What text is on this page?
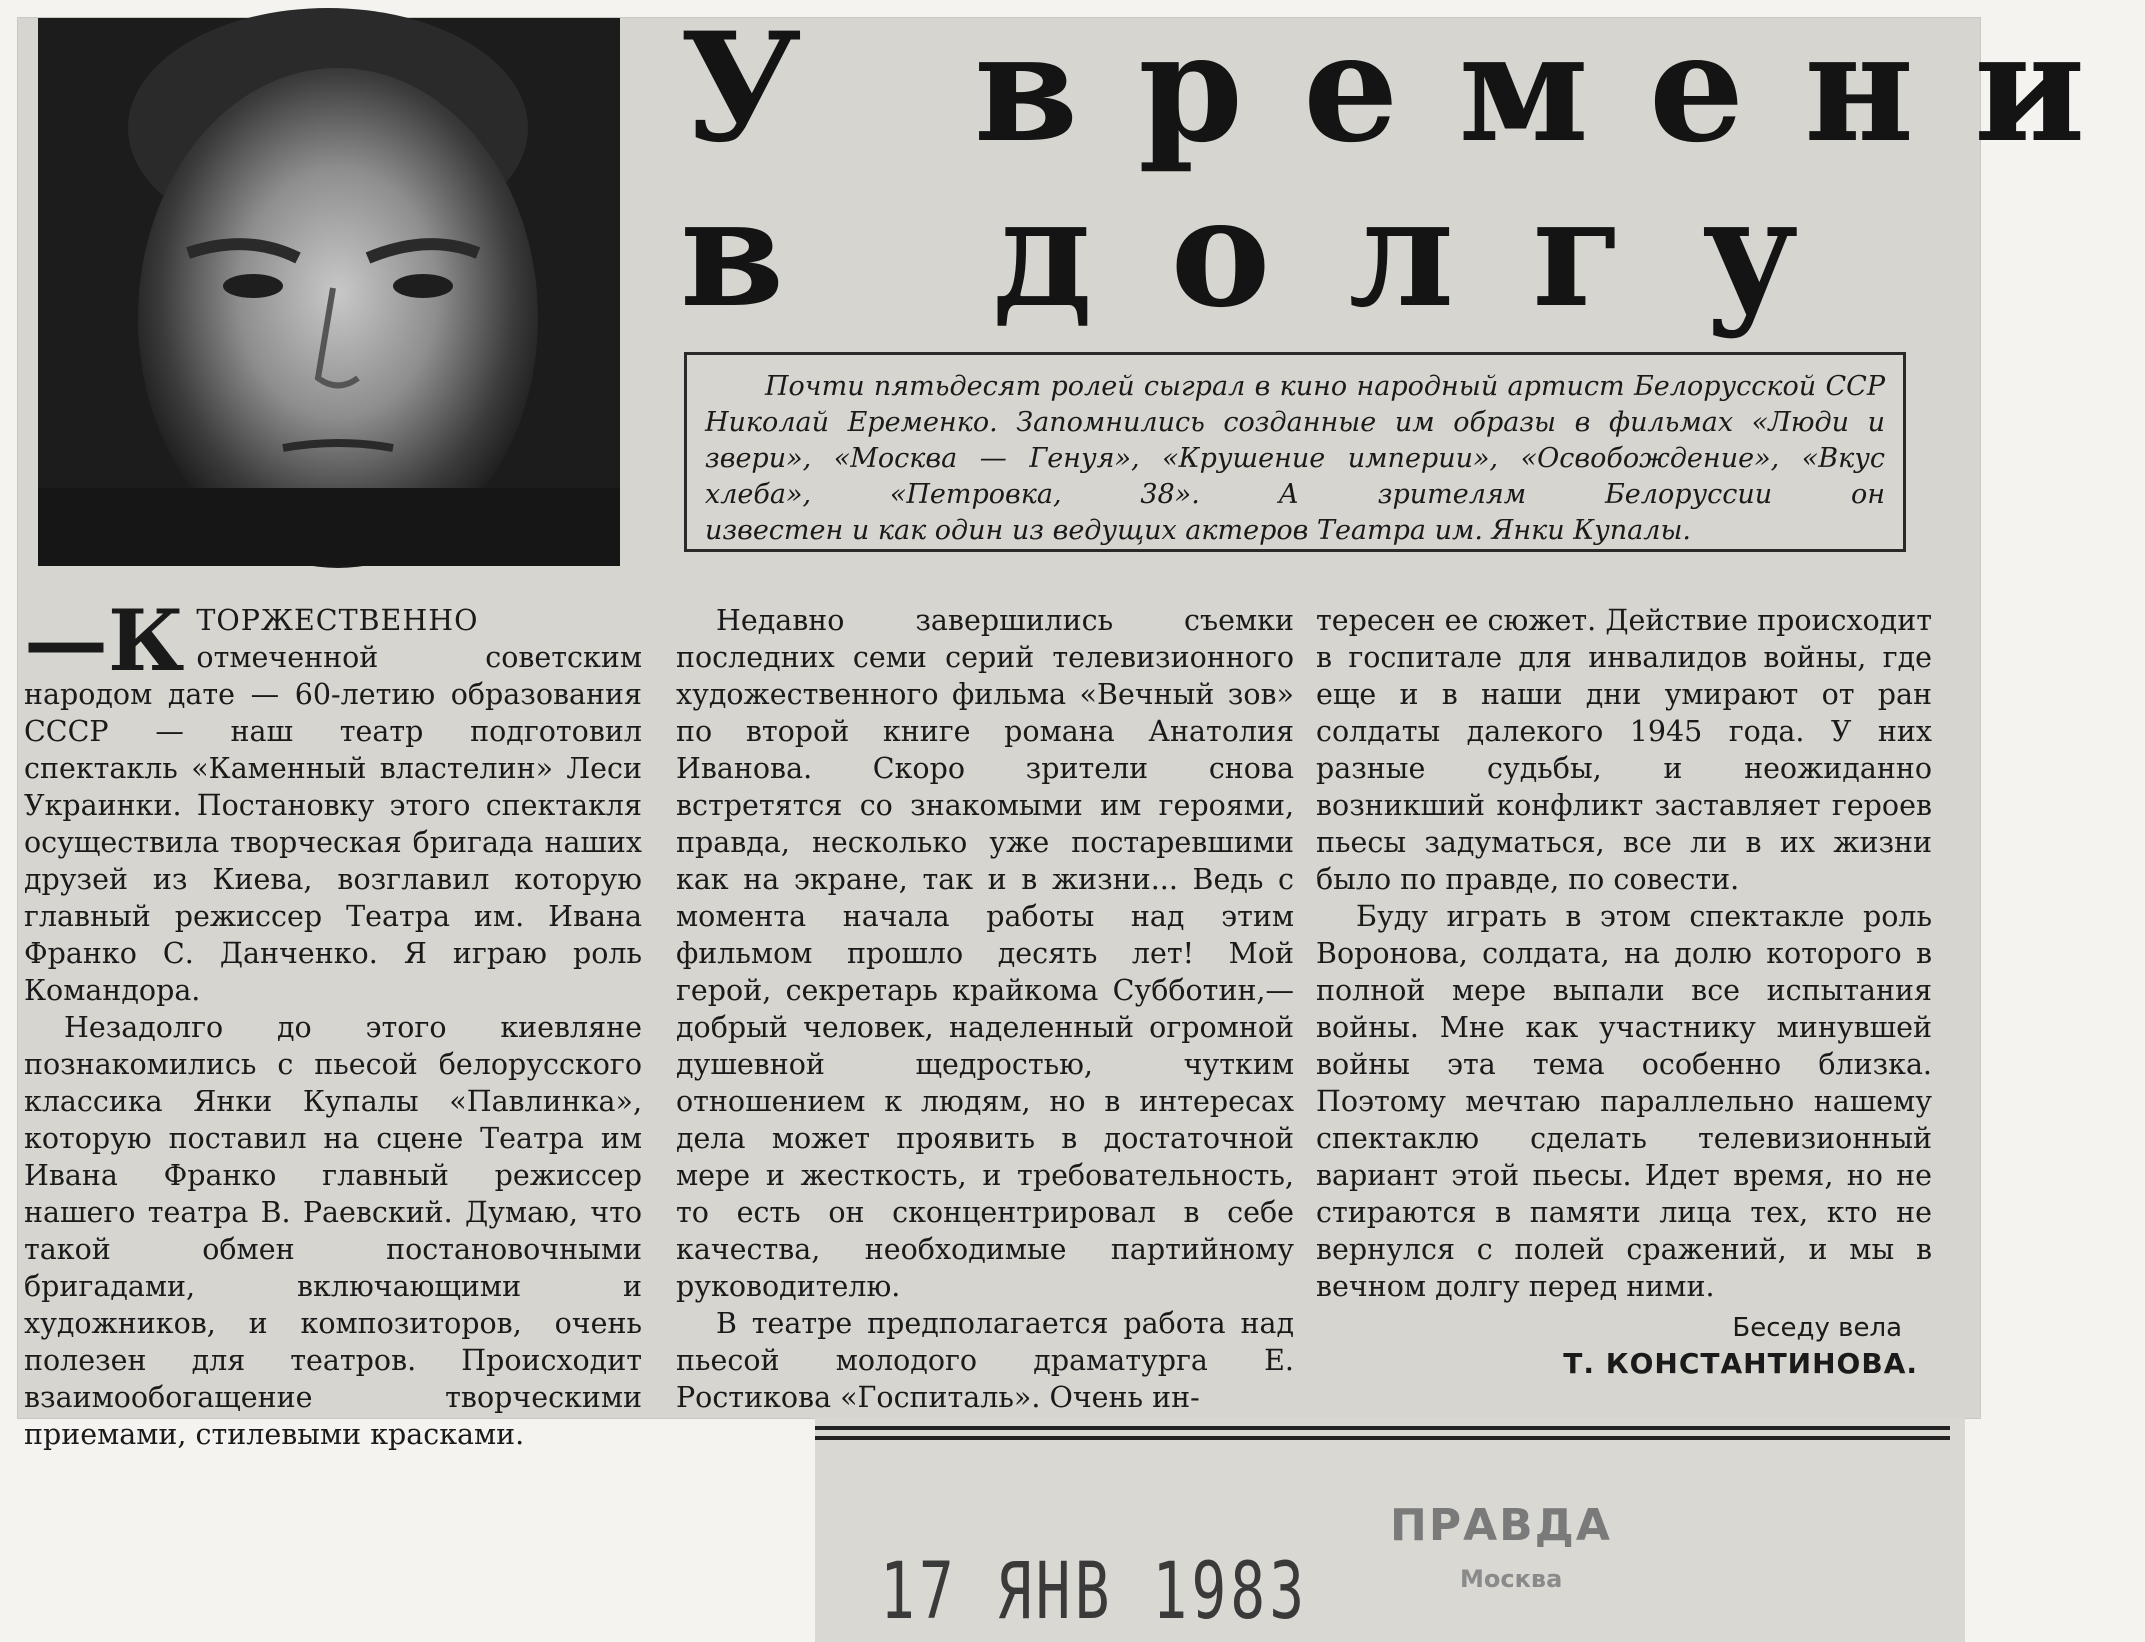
У времени
в долгу

Почти пятьдесят ролей сыграл в кино народный артист Белорусской ССР Николай Еременко. Запомнились созданные им образы в фильмах «Люди и звери», «Москва — Генуя», «Крушение империи», «Освобождение», «Вкус хлеба», «Петровка, 38». А зрителям Белоруссии он

известен и как один из ведущих актеров Театра им. Янки Купалы.

—К ТОРЖЕСТВЕННО отмеченной советским народом дате — 60-летию образования СССР — наш театр подготовил спектакль «Каменный властелин» Леси Украинки. Постановку этого спектакля осуществила творческая бригада наших друзей из Киева, возглавил которую главный режиссер Театра им. Ивана Франко С. Данченко. Я играю роль Командора.

Незадолго до этого киевляне познакомились с пьесой белорусского классика Янки Купалы «Павлинка», которую поставил на сцене Театра им Ивана Франко главный режиссер нашего театра В. Раевский. Думаю, что такой обмен постановочными бригадами, включающими и художников, и композиторов, очень полезен для театров. Происходит взаимообогащение творческими приемами, стилевыми красками.

Недавно завершились съемки последних семи серий телевизионного художественного фильма «Вечный зов» по второй книге романа Анатолия Иванова. Скоро зрители снова встретятся со знакомыми им героями, правда, несколько уже постаревшими как на экране, так и в жизни... Ведь с момента начала работы над этим фильмом прошло десять лет! Мой герой, секретарь крайкома Субботин,— добрый человек, наделенный огромной душевной щедростью, чутким отношением к людям, но в интересах дела может проявить в достаточной мере и жесткость, и требовательность, то есть он сконцентрировал в себе качества, необходимые партийному руководителю.

В театре предполагается работа над пьесой молодого драматурга Е. Ростикова «Госпиталь». Очень ин-

тересен ее сюжет. Действие происходит в госпитале для инвалидов войны, где еще и в наши дни умирают от ран солдаты далекого 1945 года. У них разные судьбы, и неожиданно возникший конфликт заставляет героев пьесы задуматься, все ли в их жизни было по правде, по совести.

Буду играть в этом спектакле роль Воронова, солдата, на долю которого в полной мере выпали все испытания войны. Мне как участнику минувшей войны эта тема особенно близка. Поэтому мечтаю параллельно нашему спектаклю сделать телевизионный вариант этой пьесы. Идет время, но не стираются в памяти лица тех, кто не вернулся с полей сражений, и мы в вечном долгу перед ними.

Беседу вела
Т. КОНСТАНТИНОВА.
ПРАВДА
Москва
17 ЯНВ 1983
